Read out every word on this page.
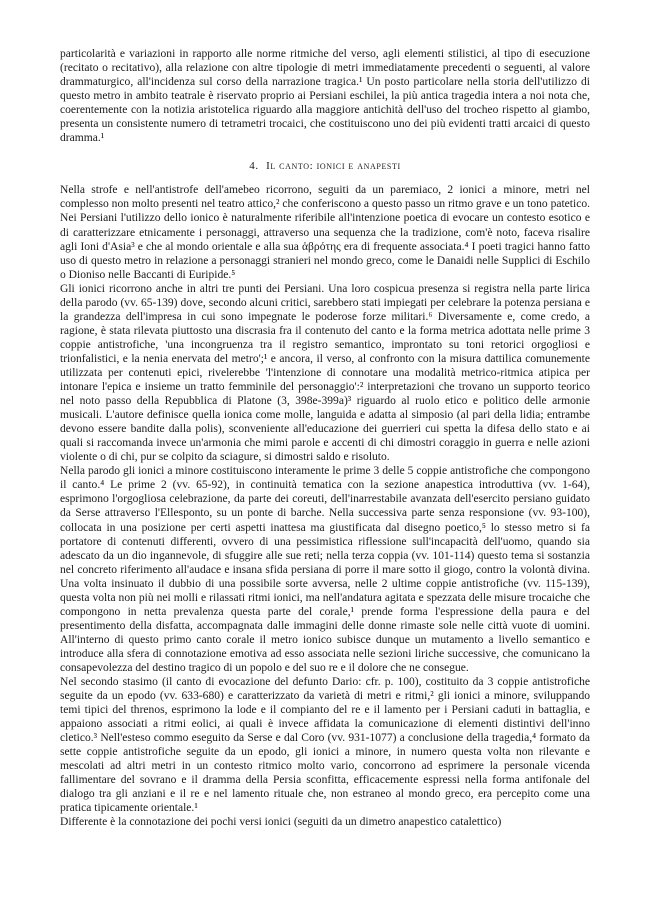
particolarità e variazioni in rapporto alle norme ritmiche del verso, agli elementi stilistici, al tipo di esecuzione (recitato o recitativo), alla relazione con altre tipologie di metri immediatamente precedenti o seguenti, al valore drammaturgico, all'incidenza sul corso della narrazione tragica.¹ Un posto particolare nella storia dell'utilizzo di questo metro in ambito teatrale è riservato proprio ai Persiani eschilei, la più antica tragedia intera a noi nota che, coerentemente con la notizia aristotelica riguardo alla maggiore antichità dell'uso del trocheo rispetto al giambo, presenta un consistente numero di tetrametri trocaici, che costituiscono uno dei più evidenti tratti arcaici di questo dramma.¹

4. Il canto: ionici e anapesti

Nella strofe e nell'antistrofe dell'amebeo ricorrono, seguiti da un paremiaco, 2 ionici a minore, metri nel complesso non molto presenti nel teatro attico,² che conferiscono a questo passo un ritmo grave e un tono patetico. Nei Persiani l'utilizzo dello ionico è naturalmente riferibile all'intenzione poetica di evocare un contesto esotico e di caratterizzare etnicamente i personaggi, attraverso una sequenza che la tradizione, com'è noto, faceva risalire agli Ioni d'Asia³ e che al mondo orientale e alla sua ἁβρότης era di frequente associata.⁴ I poeti tragici hanno fatto uso di questo metro in relazione a personaggi stranieri nel mondo greco, come le Danaidi nelle Supplici di Eschilo o Dioniso nelle Baccanti di Euripide.⁵

Gli ionici ricorrono anche in altri tre punti dei Persiani. Una loro cospicua presenza si registra nella parte lirica della parodo (vv. 65-139) dove, secondo alcuni critici, sarebbero stati impiegati per celebrare la potenza persiana e la grandezza dell'impresa in cui sono impegnate le poderose forze militari.⁶ Diversamente e, come credo, a ragione, è stata rilevata piuttosto una discrasia fra il contenuto del canto e la forma metrica adottata nelle prime 3 coppie antistrofiche, 'una incongruenza tra il registro semantico, improntato su toni retorici orgogliosi e trionfalistici, e la nenia enervata del metro';¹ e ancora, il verso, al confronto con la misura dattilica comunemente utilizzata per contenuti epici, rivelerebbe 'l'intenzione di connotare una modalità metrico-ritmica atipica per intonare l'epica e insieme un tratto femminile del personaggio':² interpretazioni che trovano un supporto teorico nel noto passo della Repubblica di Platone (3, 398e-399a)³ riguardo al ruolo etico e politico delle armonie musicali. L'autore definisce quella ionica come molle, languida e adatta al simposio (al pari della lidia; entrambe devono essere bandite dalla polis), sconveniente all'educazione dei guerrieri cui spetta la difesa dello stato e ai quali si raccomanda invece un'armonia che mimi parole e accenti di chi dimostri coraggio in guerra e nelle azioni violente o di chi, pur se colpito da sciagure, si dimostri saldo e risoluto.

Nella parodo gli ionici a minore costituiscono interamente le prime 3 delle 5 coppie antistrofiche che compongono il canto.⁴ Le prime 2 (vv. 65-92), in continuità tematica con la sezione anapestica introduttiva (vv. 1-64), esprimono l'orgogliosa celebrazione, da parte dei coreuti, dell'inarrestabile avanzata dell'esercito persiano guidato da Serse attraverso l'Ellesponto, su un ponte di barche. Nella successiva parte senza responsione (vv. 93-100), collocata in una posizione per certi aspetti inattesa ma giustificata dal disegno poetico,⁵ lo stesso metro si fa portatore di contenuti differenti, ovvero di una pessimistica riflessione sull'incapacità dell'uomo, quando sia adescato da un dio ingannevole, di sfuggire alle sue reti; nella terza coppia (vv. 101-114) questo tema si sostanzia nel concreto riferimento all'audace e insana sfida persiana di porre il mare sotto il giogo, contro la volontà divina. Una volta insinuato il dubbio di una possibile sorte avversa, nelle 2 ultime coppie antistrofiche (vv. 115-139), questa volta non più nei molli e rilassati ritmi ionici, ma nell'andatura agitata e spezzata delle misure trocaiche che compongono in netta prevalenza questa parte del corale,¹ prende forma l'espressione della paura e del presentimento della disfatta, accompagnata dalle immagini delle donne rimaste sole nelle città vuote di uomini. All'interno di questo primo canto corale il metro ionico subisce dunque un mutamento a livello semantico e introduce alla sfera di connotazione emotiva ad esso associata nelle sezioni liriche successive, che comunicano la consapevolezza del destino tragico di un popolo e del suo re e il dolore che ne consegue.

Nel secondo stasimo (il canto di evocazione del defunto Dario: cfr. p. 100), costituito da 3 coppie antistrofiche seguite da un epodo (vv. 633-680) e caratterizzato da varietà di metri e ritmi,² gli ionici a minore, sviluppando temi tipici del threnos, esprimono la lode e il compianto del re e il lamento per i Persiani caduti in battaglia, e appaiono associati a ritmi eolici, ai quali è invece affidata la comunicazione di elementi distintivi dell'inno cletico.³ Nell'esteso commo eseguito da Serse e dal Coro (vv. 931-1077) a conclusione della tragedia,⁴ formato da sette coppie antistrofiche seguite da un epodo, gli ionici a minore, in numero questa volta non rilevante e mescolati ad altri metri in un contesto ritmico molto vario, concorrono ad esprimere la personale vicenda fallimentare del sovrano e il dramma della Persia sconfitta, efficacemente espressi nella forma antifonale del dialogo tra gli anziani e il re e nel lamento rituale che, non estraneo al mondo greco, era percepito come una pratica tipicamente orientale.¹

Differente è la connotazione dei pochi versi ionici (seguiti da un dimetro anapestico catalettico)
